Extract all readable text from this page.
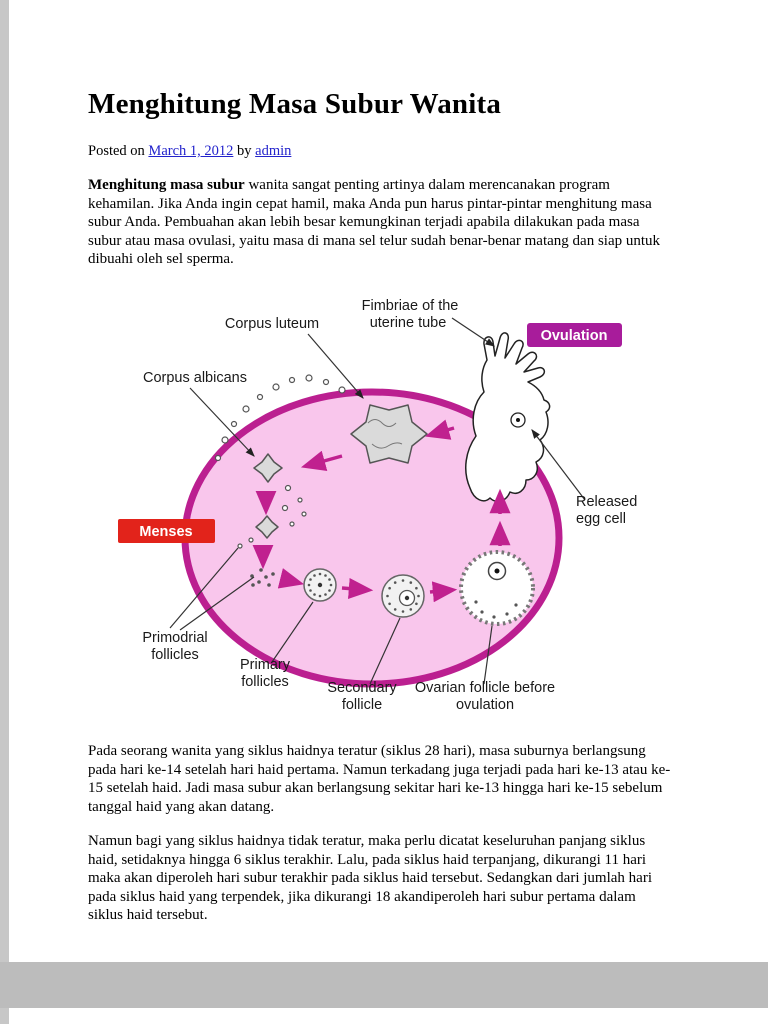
Menghitung Masa Subur Wanita
Posted on March 1, 2012 by admin

Menghitung masa subur wanita sangat penting artinya dalam merencanakan program kehamilan. Jika Anda ingin cepat hamil, maka Anda pun harus pintar-pintar menghitung masa subur Anda. Pembuahan akan lebih besar kemungkinan terjadi apabila dilakukan pada masa subur atau masa ovulasi, yaitu masa di mana sel telur sudah benar-benar matang dan siap untuk dibuahi oleh sel sperma.

Ovulation
Menses
Corpus luteum
Fimbriae of the
uterine tube
Corpus albicans
Released
egg cell
Primodrial
follicles
Primary
follicles	Secondary
follicle
Ovarian follicle before
ovulation

Pada seorang wanita yang siklus haidnya teratur (siklus 28 hari), masa suburnya berlangsung pada hari ke-14 setelah hari haid pertama. Namun terkadang juga terjadi pada hari ke-13 atau ke-15 setelah haid. Jadi masa subur akan berlangsung sekitar hari ke-13 hingga hari ke-15 sebelum tanggal haid yang akan datang.

Namun bagi yang siklus haidnya tidak teratur, maka perlu dicatat keseluruhan panjang siklus haid, setidaknya hingga 6 siklus terakhir. Lalu, pada siklus haid terpanjang, dikurangi 11 hari maka akan diperoleh hari subur terakhir pada siklus haid tersebut. Sedangkan dari jumlah hari pada siklus haid yang terpendek, jika dikurangi 18 akandiperoleh hari subur pertama dalam siklus haid tersebut.
